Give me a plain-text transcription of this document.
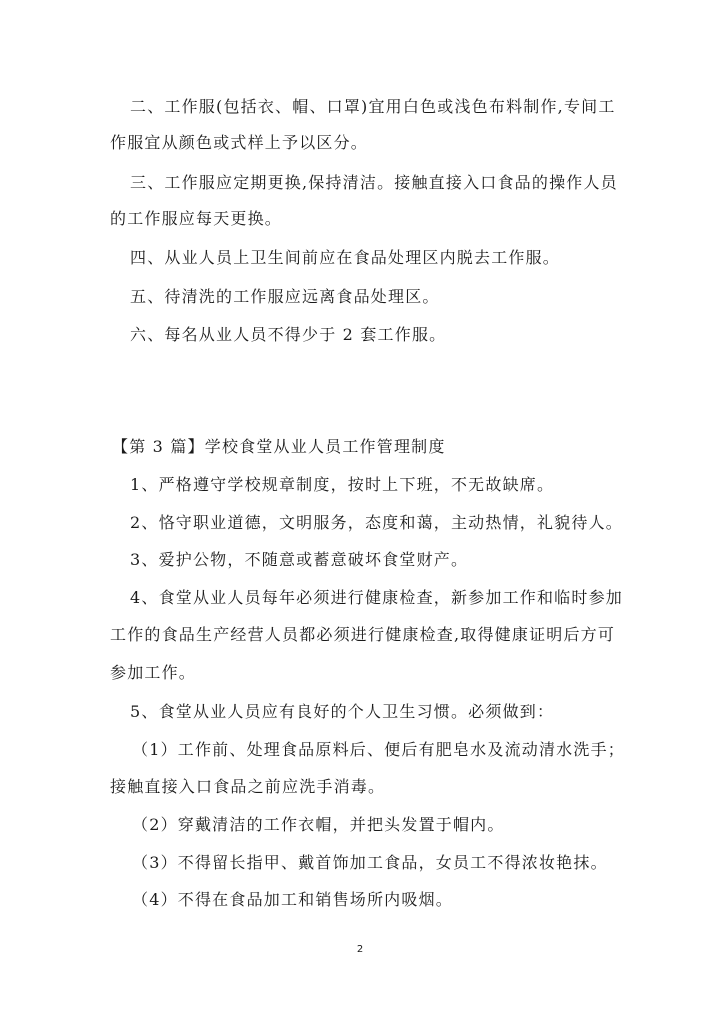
二、工作服(包括衣、帽、口罩)宜用白色或浅色布料制作,专间工
作服宜从颜色或式样上予以区分。
三、工作服应定期更换,保持清洁。接触直接入口食品的操作人员
的工作服应每天更换。
四、从业人员上卫生间前应在食品处理区内脱去工作服。
五、待清洗的工作服应远离食品处理区。
六、每名从业人员不得少于 2 套工作服。
【第 3 篇】学校食堂从业人员工作管理制度
1、严格遵守学校规章制度，按时上下班，不无故缺席。
2、恪守职业道德，文明服务，态度和蔼，主动热情，礼貌待人。
3、爱护公物，不随意或蓄意破坏食堂财产。
4、食堂从业人员每年必须进行健康检查，新参加工作和临时参加
工作的食品生产经营人员都必须进行健康检查,取得健康证明后方可
参加工作。
5、食堂从业人员应有良好的个人卫生习惯。必须做到：
（1）工作前、处理食品原料后、便后有肥皂水及流动清水洗手；
接触直接入口食品之前应洗手消毒。
（2）穿戴清洁的工作衣帽，并把头发置于帽内。
（3）不得留长指甲、戴首饰加工食品，女员工不得浓妆艳抹。
（4）不得在食品加工和销售场所内吸烟。
2
